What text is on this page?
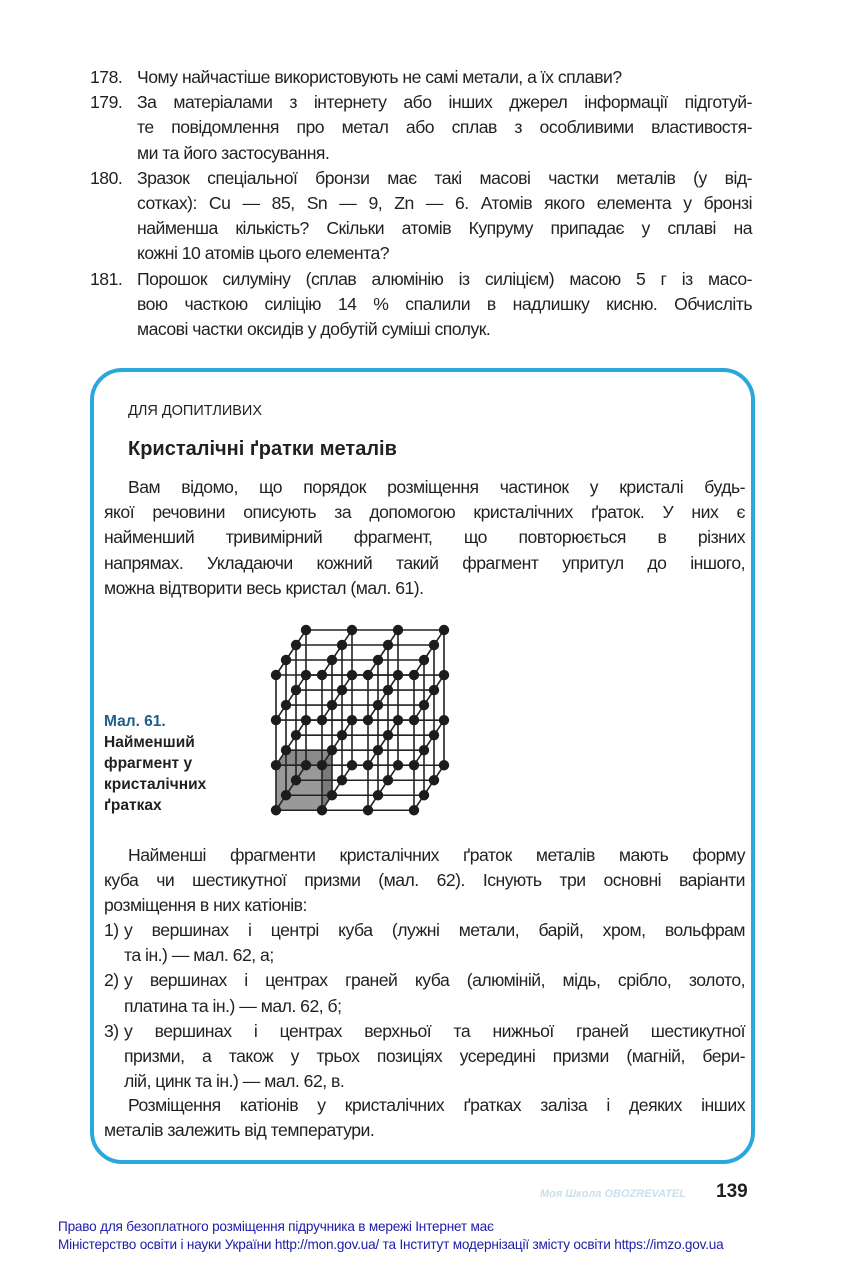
Моя Школа OBOZREVATEL
178. Чому найчастіше використовують не самі метали, а їх сплави?
179. За матеріалами з інтернету або інших джерел інформації підготуй-
те повідомлення про метал або сплав з особливими властивостя-
ми та його застосування.
180. Зразок спеціальної бронзи має такі масові частки металів (у від-
сотках): Cu — 85, Sn — 9, Zn — 6. Атомів якого елемента у бронзі
найменша кількість? Скільки атомів Купруму припадає у сплаві на
кожні 10 атомів цього елемента?
181. Порошок силуміну (сплав алюмінію із силіцієм) масою 5 г із масо-
вою часткою силіцію 14 % спалили в надлишку кисню. Обчисліть
масові частки оксидів у добутій суміші сполук.
ДЛЯ ДОПИТЛИВИХ
Кристалічні ґратки металів
Вам відомо, що порядок розміщення частинок у кристалі будь-
якої речовини описують за допомогою кристалічних ґраток. У них є
найменший тривимірний фрагмент, що повторюється в різних
напрямах. Укладаючи кожний такий фрагмент упритул до іншого,
можна відтворити весь кристал (мал. 61).
Мал. 61.
Найменший
фрагмент у
кристалічних
ґратках
Найменші фрагменти кристалічних ґраток металів мають форму
куба чи шестикутної призми (мал. 62). Існують три основні варіанти
розміщення в них катіонів:
1) у вершинах і центрі куба (лужні метали, барій, хром, вольфрам
та ін.) — мал. 62, а;
2) у вершинах і центрах граней куба (алюміній, мідь, срібло, золото,
платина та ін.) — мал. 62, б;
3) у вершинах і центрах верхньої та нижньої граней шестикутної
призми, а також у трьох позиціях усередині призми (магній, бери-
лій, цинк та ін.) — мал. 62, в.
Розміщення катіонів у кристалічних ґратках заліза і деяких інших
металів залежить від температури.
139
Право для безоплатного розміщення підручника в мережі Інтернет має
Міністерство освіти і науки України http://mon.gov.ua/ та Інститут модернізації змісту освіти https://imzo.gov.ua
